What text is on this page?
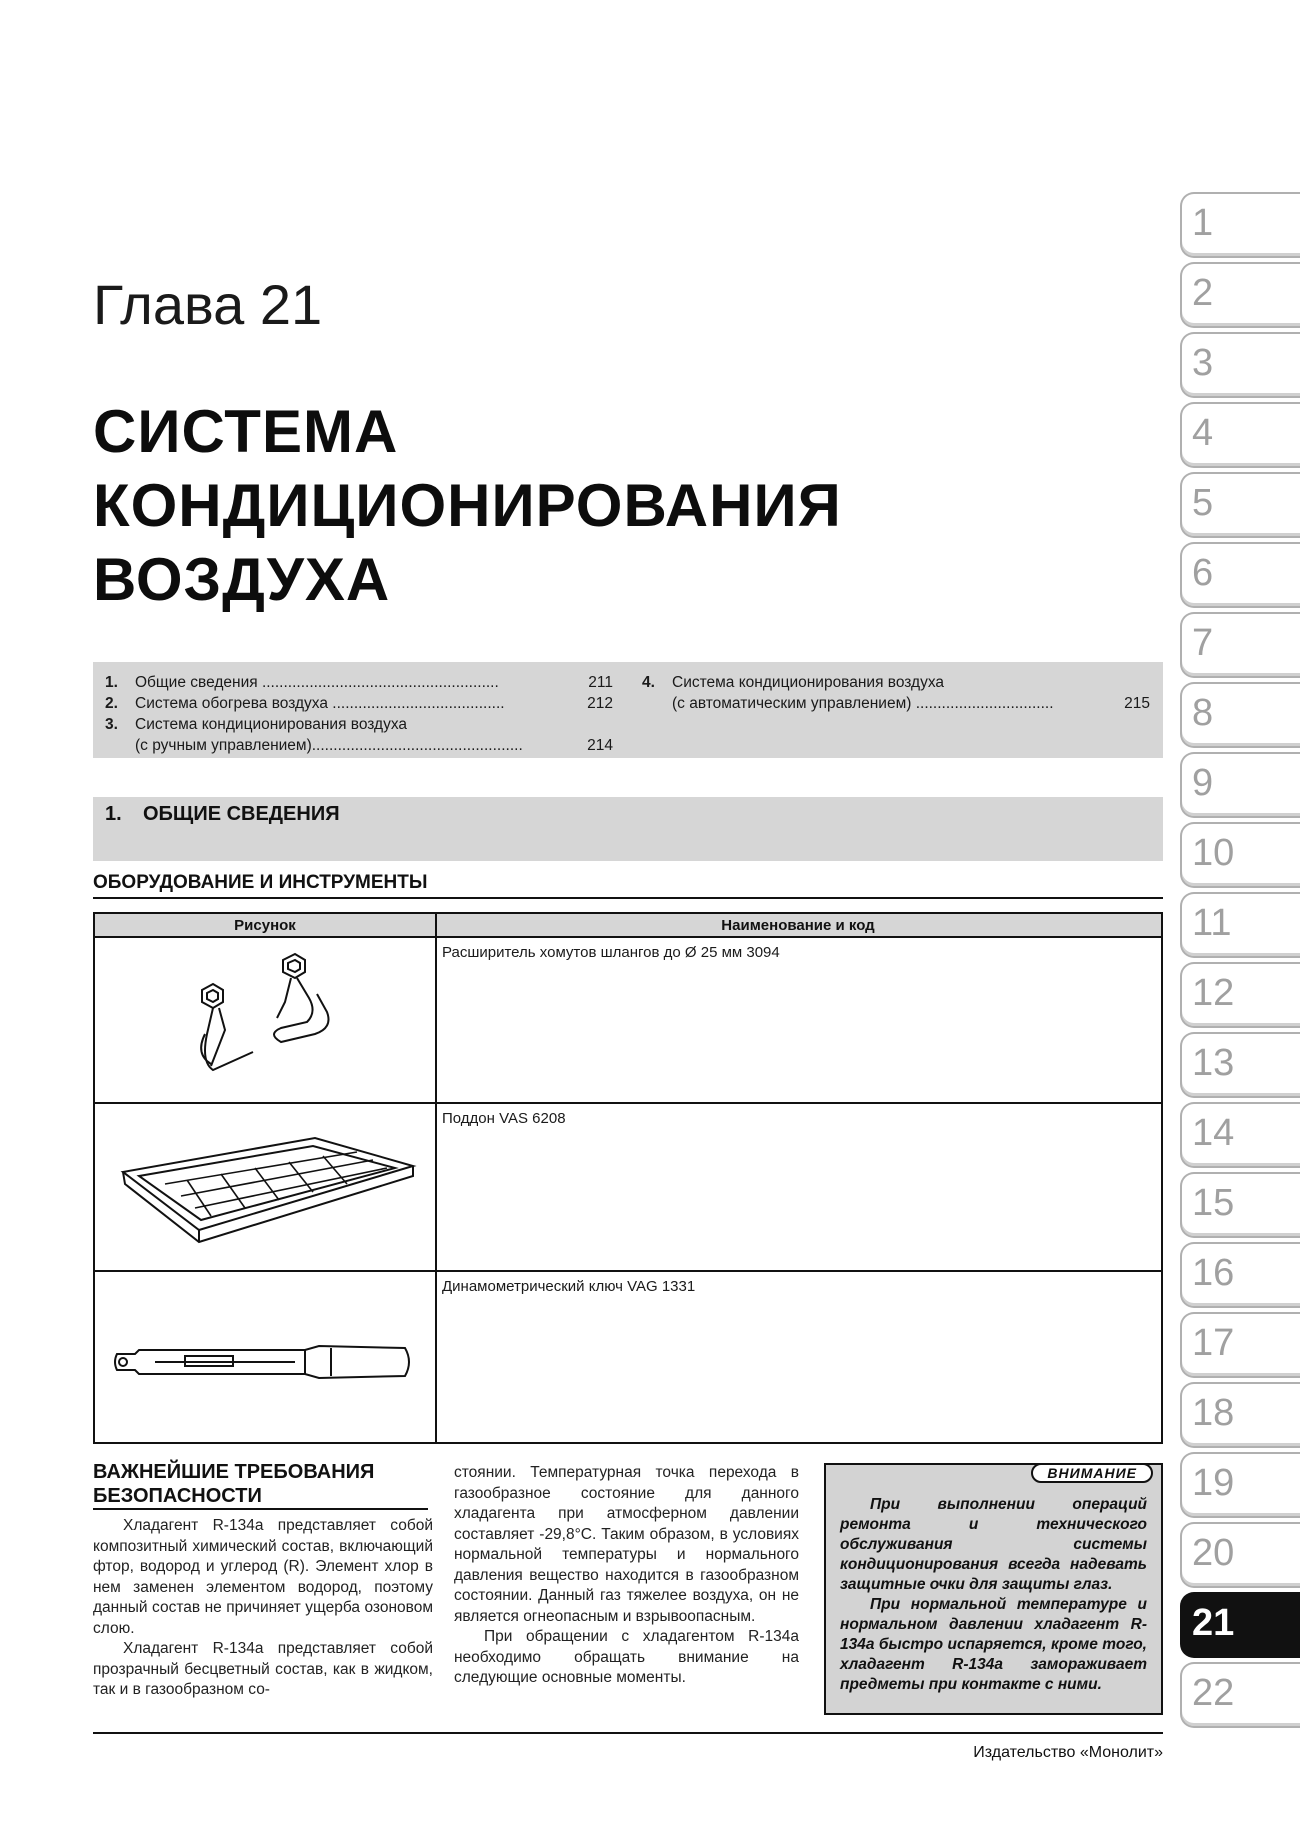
Глава 21
СИСТЕМА
КОНДИЦИОНИРОВАНИЯ
ВОЗДУХА
1. Общие сведения .......................................................	211
2. Система обогрева воздуха ........................................	212
3. Система кондиционирования воздуха
(с ручным управлением).................................................	214
4. Система кондиционирования воздуха
(с автоматическим управлением) ................................	215
1. ОБЩИЕ СВЕДЕНИЯ
ОБОРУДОВАНИЕ И ИНСТРУМЕНТЫ
Рисунок	Наименование и код
Расширитель хомутов шлангов до Ø 25 мм 3094
Поддон VAS 6208
Динамометрический ключ VAG 1331
ВАЖНЕЙШИЕ ТРЕБОВАНИЯ
БЕЗОПАСНОСТИ

Хладагент R-134a представляет собой композитный химический состав, включающий фтор, водород и углерод (R). Элемент хлор в нем заменен элементом водород, поэтому данный состав не причиняет ущерба озоновом слою.

Хладагент R-134a представляет собой прозрачный бесцветный состав, как в жидком, так и в газообразном со-

стоянии. Температурная точка перехода в газообразное состояние для данного хладагента при атмосферном давлении составляет -29,8°С. Таким образом, в условиях нормальной температуры и нормального давления вещество находится в газообразном состоянии. Данный газ тяжелее воздуха, он не является огнеопасным и взрывоопасным.

При обращении с хладагентом R-134a необходимо обращать внимание на следующие основные моменты.

ВНИМАНИЕ

При выполнении операций ремонта и технического обслуживания системы кондиционирования всегда надевать защитные очки для защиты глаз.

При нормальной температуре и нормальном давлении хладагент R-134a быстро испаряется, кроме того, хладагент R-134a замораживает предметы при контакте с ними.

Издательство «Монолит»
1
2
3
4
5
6
7
8
9
10
11
12
13
14
15
16
17
18
19
20
21
22
